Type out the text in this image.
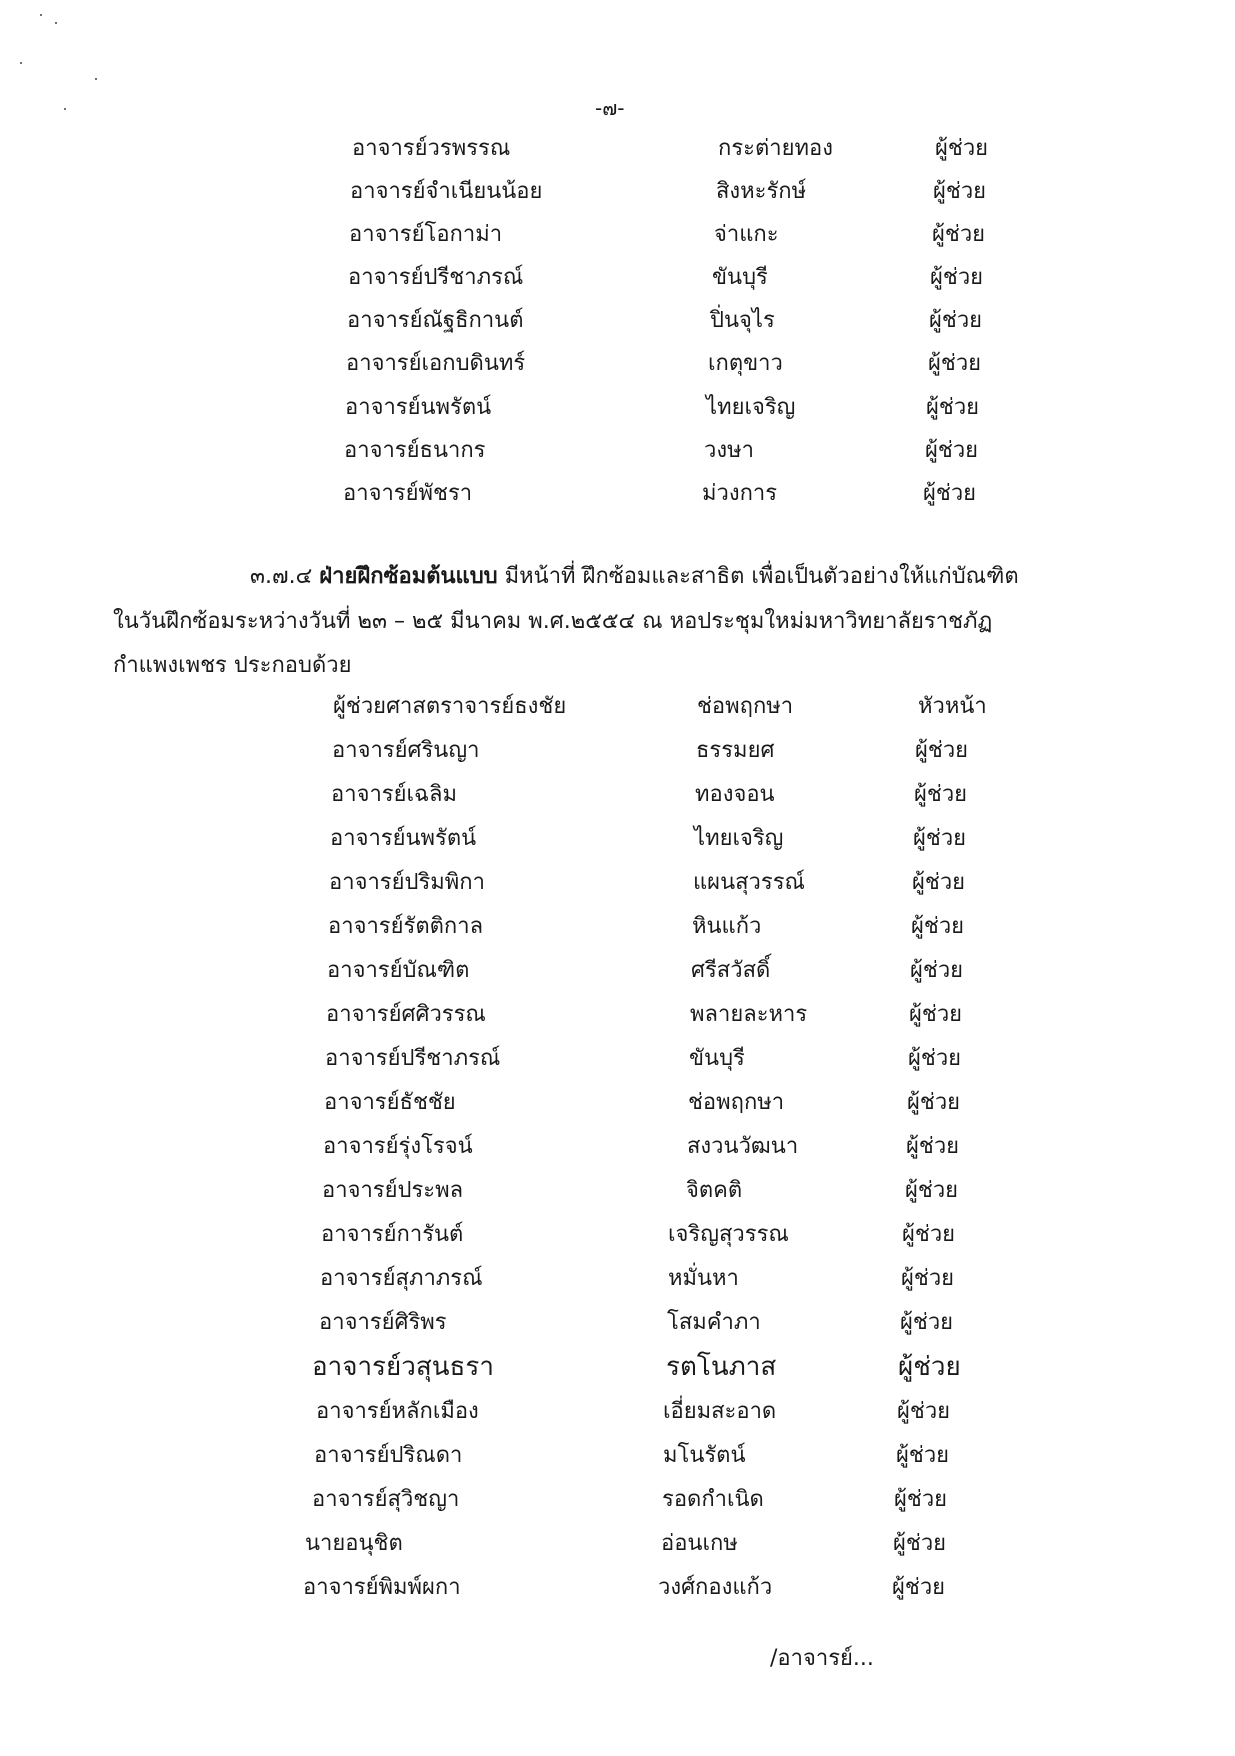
-๗-
อาจารย์วรพรรณ	กระต่ายทอง	ผู้ช่วย
อาจารย์จำเนียนน้อย	สิงหะรักษ์	ผู้ช่วย
อาจารย์โอกาม่า	จ่าแกะ	ผู้ช่วย
อาจารย์ปรีชาภรณ์	ขันบุรี	ผู้ช่วย
อาจารย์ณัฐธิกานต์	ปิ่นจุไร	ผู้ช่วย
อาจารย์เอกบดินทร์	เกตุขาว	ผู้ช่วย
อาจารย์นพรัตน์	ไทยเจริญ	ผู้ช่วย
อาจารย์ธนากร	วงษา	ผู้ช่วย
อาจารย์พัชรา	ม่วงการ	ผู้ช่วย
๓.๗.๔ ฝ่ายฝึกซ้อมต้นแบบ มีหน้าที่ ฝึกซ้อมและสาธิต เพื่อเป็นตัวอย่างให้แก่บัณฑิต
ในวันฝึกซ้อมระหว่างวันที่ ๒๓ – ๒๕ มีนาคม พ.ศ.๒๕๕๔ ณ หอประชุมใหม่มหาวิทยาลัยราชภัฏ
กำแพงเพชร ประกอบด้วย
ผู้ช่วยศาสตราจารย์ธงชัย	ช่อพฤกษา	หัวหน้า
อาจารย์ศรินญา	ธรรมยศ	ผู้ช่วย
อาจารย์เฉลิม	ทองจอน	ผู้ช่วย
อาจารย์นพรัตน์	ไทยเจริญ	ผู้ช่วย
อาจารย์ปริมพิกา	แผนสุวรรณ์	ผู้ช่วย
อาจารย์รัตติกาล	หินแก้ว	ผู้ช่วย
อาจารย์บัณฑิต	ศรีสวัสดิ์	ผู้ช่วย
อาจารย์ศศิวรรณ	พลายละหาร	ผู้ช่วย
อาจารย์ปรีชาภรณ์	ขันบุรี	ผู้ช่วย
อาจารย์ธัชชัย	ช่อพฤกษา	ผู้ช่วย
อาจารย์รุ่งโรจน์	สงวนวัฒนา	ผู้ช่วย
อาจารย์ประพล	จิตคติ	ผู้ช่วย
อาจารย์การันต์	เจริญสุวรรณ	ผู้ช่วย
อาจารย์สุภาภรณ์	หมั่นหา	ผู้ช่วย
อาจารย์ศิริพร	โสมคำภา	ผู้ช่วย
อาจารย์วสุนธรา	รตโนภาส	ผู้ช่วย
อาจารย์หลักเมือง	เอี่ยมสะอาด	ผู้ช่วย
อาจารย์ปริณดา	มโนรัตน์	ผู้ช่วย
อาจารย์สุวิชญา	รอดกำเนิด	ผู้ช่วย
นายอนุชิต	อ่อนเกษ	ผู้ช่วย
อาจารย์พิมพ์ผกา	วงศ์กองแก้ว	ผู้ช่วย
/อาจารย์...
